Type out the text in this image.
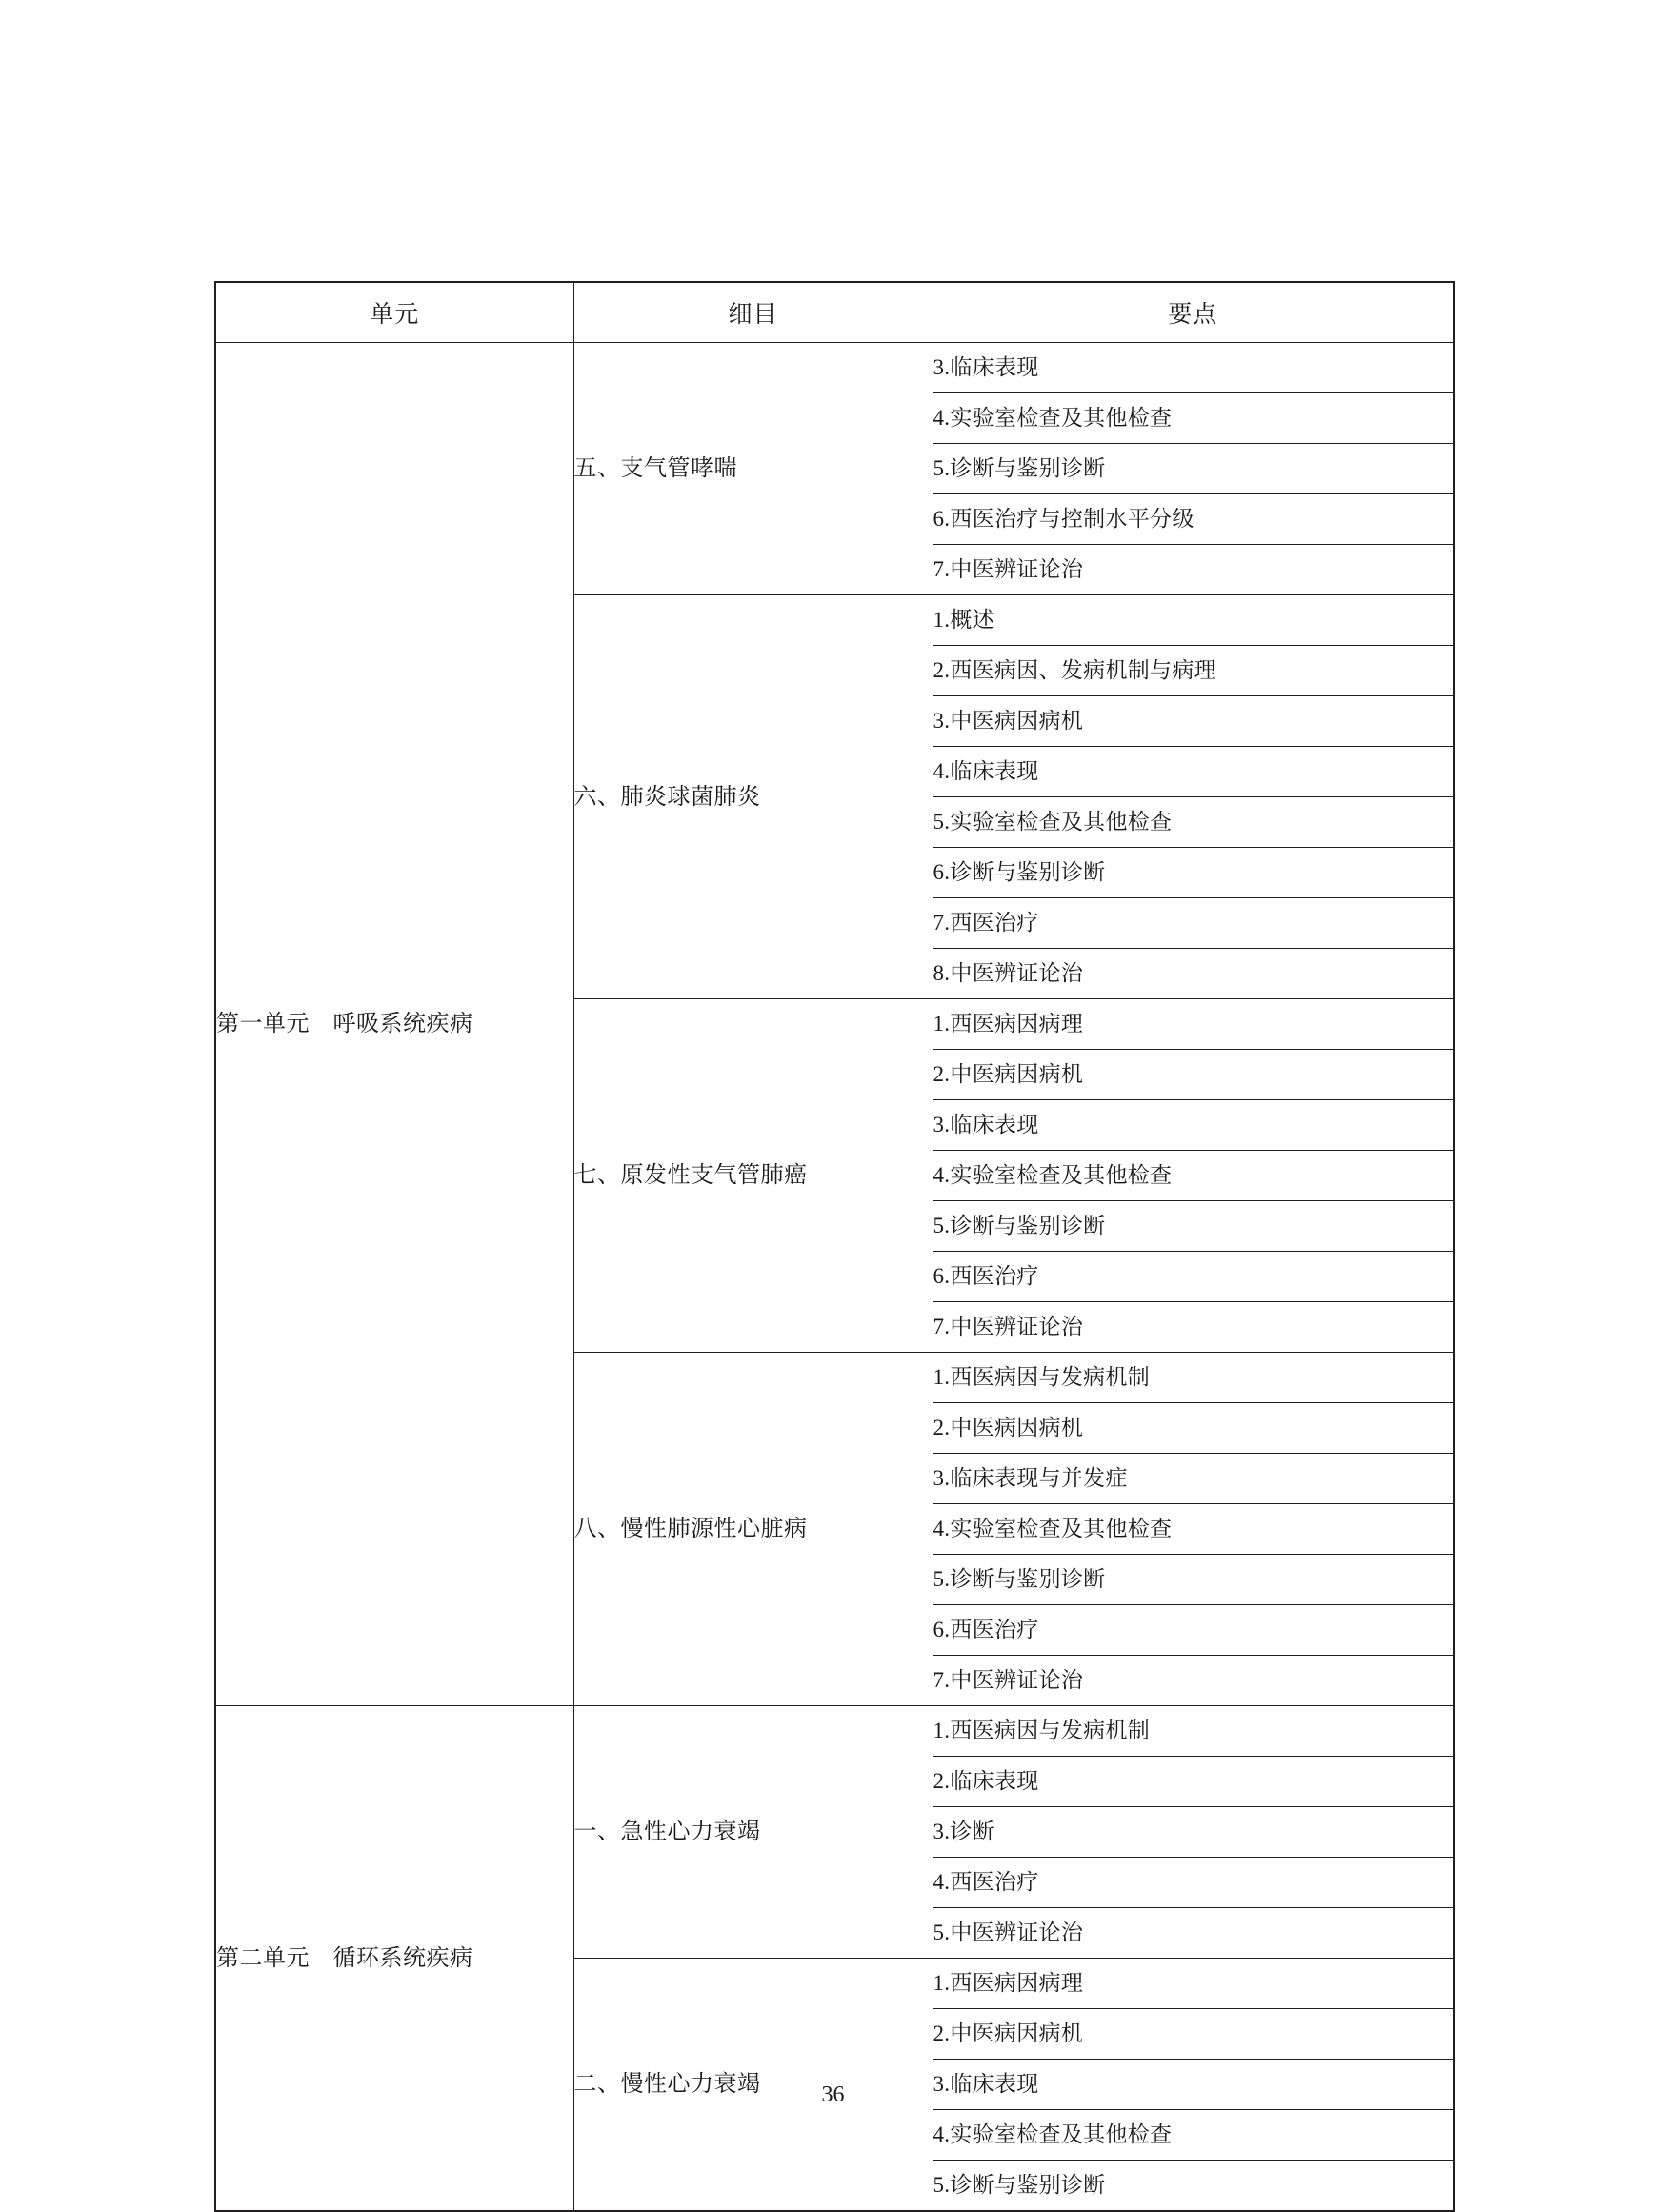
单元	细目	要点
第一单元　呼吸系统疾病	五、支气管哮喘	3.临床表现
		4.实验室检查及其他检查
		5.诊断与鉴别诊断
		6.西医治疗与控制水平分级
		7.中医辨证论治
	六、肺炎球菌肺炎	1.概述
		2.西医病因、发病机制与病理
		3.中医病因病机
		4.临床表现
		5.实验室检查及其他检查
		6.诊断与鉴别诊断
		7.西医治疗
		8.中医辨证论治
	七、原发性支气管肺癌	1.西医病因病理
		2.中医病因病机
		3.临床表现
		4.实验室检查及其他检查
		5.诊断与鉴别诊断
		6.西医治疗
		7.中医辨证论治
	八、慢性肺源性心脏病	1.西医病因与发病机制
		2.中医病因病机
		3.临床表现与并发症
		4.实验室检查及其他检查
		5.诊断与鉴别诊断
		6.西医治疗
		7.中医辨证论治
第二单元　循环系统疾病	一、急性心力衰竭	1.西医病因与发病机制
		2.临床表现
		3.诊断
		4.西医治疗
		5.中医辨证论治
	二、慢性心力衰竭	1.西医病因病理
		2.中医病因病机
		3.临床表现
		4.实验室检查及其他检查
		5.诊断与鉴别诊断
36
